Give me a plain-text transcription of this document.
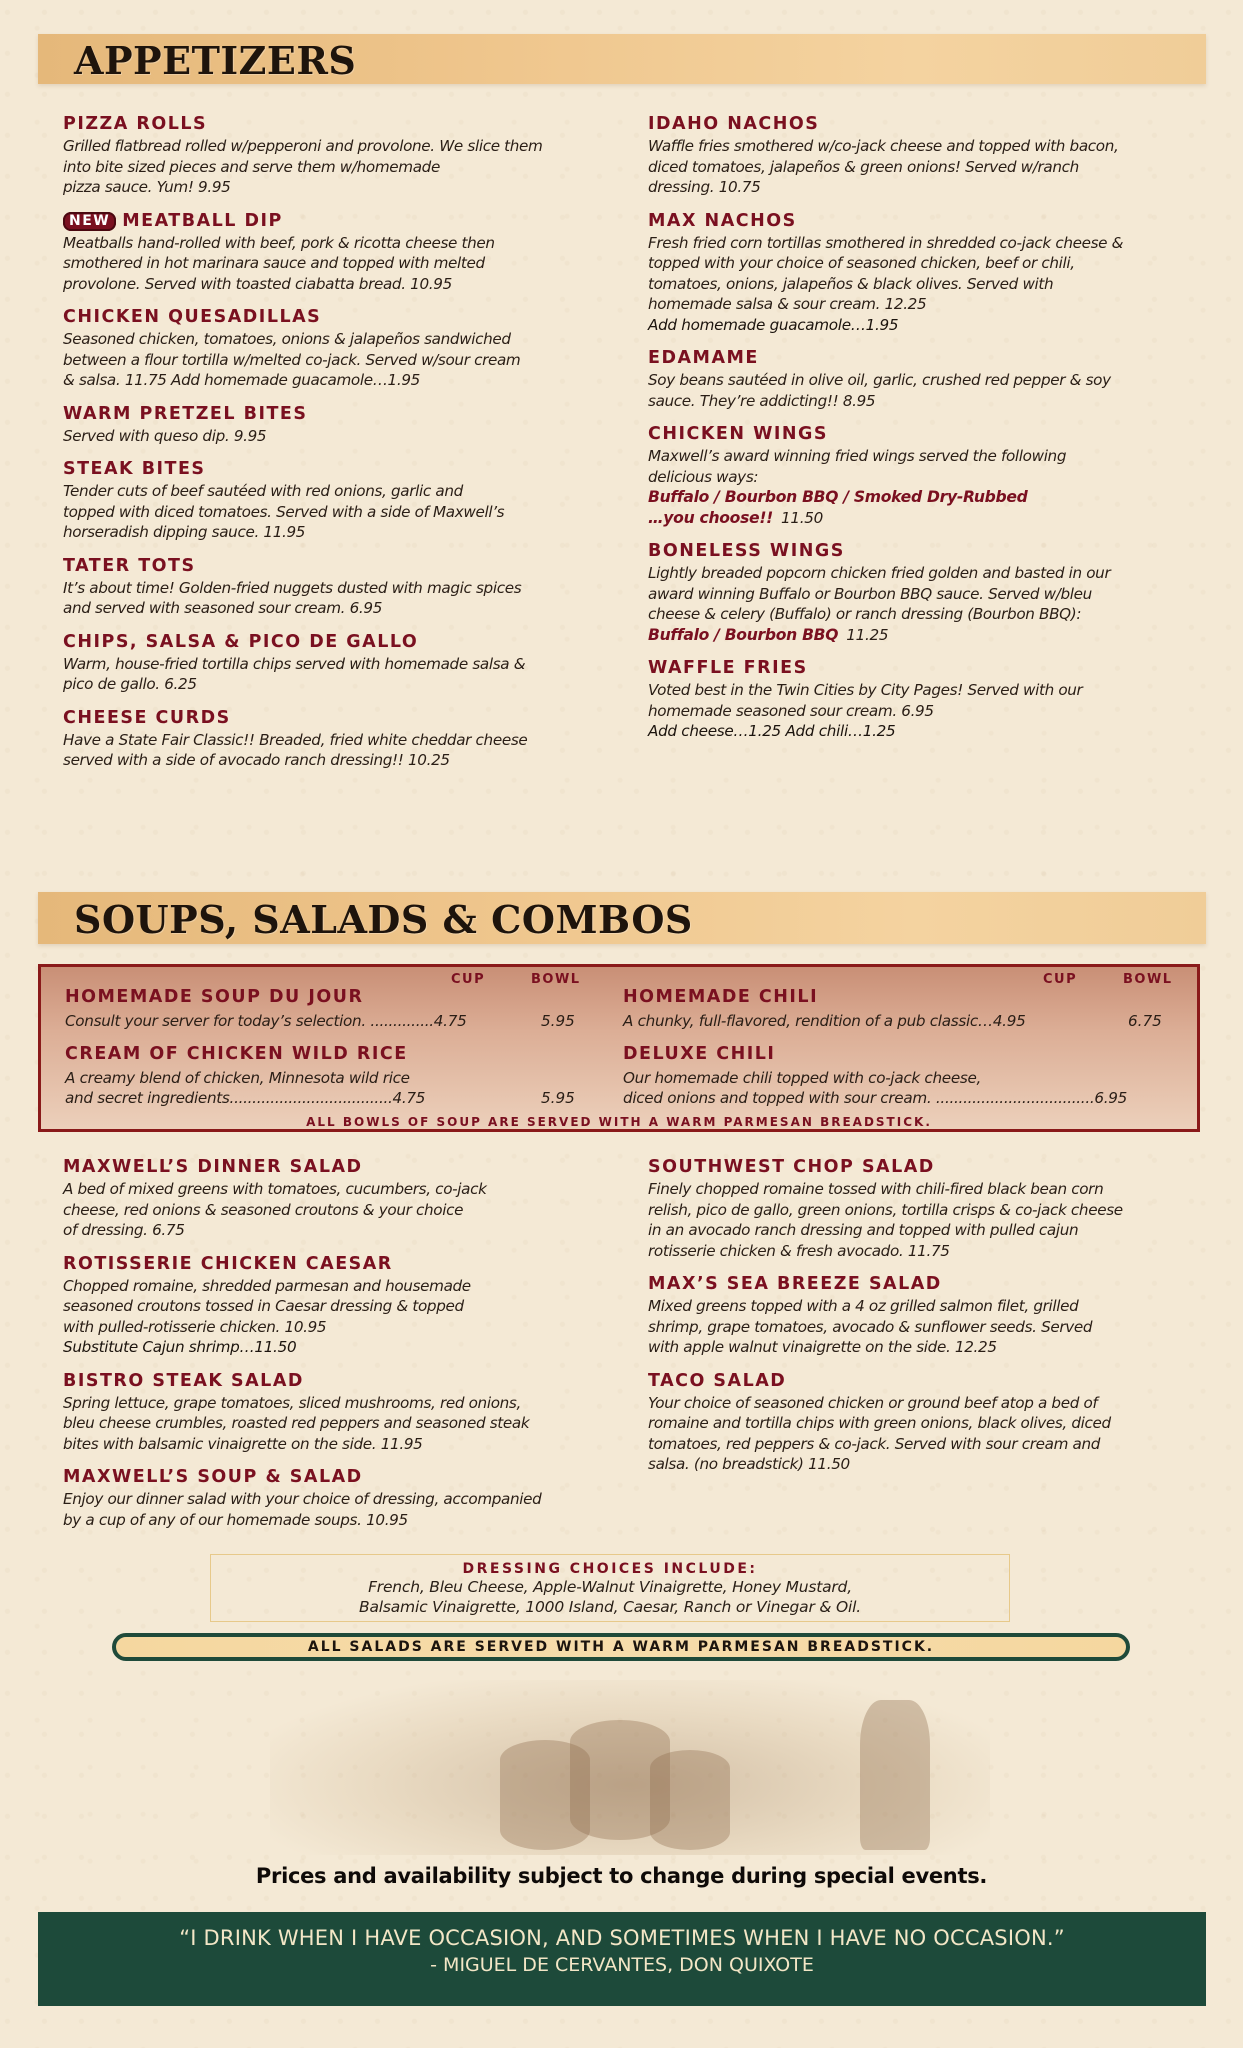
APPETIZERS
PIZZA ROLLS
Grilled flatbread rolled w/pepperoni and provolone. We slice them
into bite sized pieces and serve them w/homemade
pizza sauce. Yum! 9.95
NEW MEATBALL DIP
Meatballs hand-rolled with beef, pork & ricotta cheese then
smothered in hot marinara sauce and topped with melted
provolone. Served with toasted ciabatta bread. 10.95
CHICKEN QUESADILLAS
Seasoned chicken, tomatoes, onions & jalapeños sandwiched
between a flour tortilla w/melted co-jack. Served w/sour cream
& salsa. 11.75 Add homemade guacamole…1.95
WARM PRETZEL BITES
Served with queso dip. 9.95
STEAK BITES
Tender cuts of beef sautéed with red onions, garlic and
topped with diced tomatoes. Served with a side of Maxwell’s
horseradish dipping sauce. 11.95
TATER TOTS
It’s about time! Golden-fried nuggets dusted with magic spices
and served with seasoned sour cream. 6.95
CHIPS, SALSA & PICO DE GALLO
Warm, house-fried tortilla chips served with homemade salsa &
pico de gallo. 6.25
CHEESE CURDS
Have a State Fair Classic!! Breaded, fried white cheddar cheese
served with a side of avocado ranch dressing!! 10.25
IDAHO NACHOS
Waffle fries smothered w/co-jack cheese and topped with bacon,
diced tomatoes, jalapeños & green onions! Served w/ranch
dressing. 10.75
MAX NACHOS
Fresh fried corn tortillas smothered in shredded co-jack cheese &
topped with your choice of seasoned chicken, beef or chili,
tomatoes, onions, jalapeños & black olives. Served with
homemade salsa & sour cream. 12.25
Add homemade guacamole…1.95
EDAMAME
Soy beans sautéed in olive oil, garlic, crushed red pepper & soy
sauce. They’re addicting!! 8.95
CHICKEN WINGS
Maxwell’s award winning fried wings served the following
delicious ways:
Buffalo / Bourbon BBQ / Smoked Dry-Rubbed
…you choose!! 11.50
BONELESS WINGS
Lightly breaded popcorn chicken fried golden and basted in our
award winning Buffalo or Bourbon BBQ sauce. Served w/bleu
cheese & celery (Buffalo) or ranch dressing (Bourbon BBQ):
Buffalo / Bourbon BBQ 11.25
WAFFLE FRIES
Voted best in the Twin Cities by City Pages! Served with our
homemade seasoned sour cream. 6.95
Add cheese…1.25 Add chili…1.25
SOUPS, SALADS & COMBOS
CUP	BOWL
HOMEMADE SOUP DU JOUR
Consult your server for today’s selection. ..............4.75	5.95
CREAM OF CHICKEN WILD RICE
A creamy blend of chicken, Minnesota wild rice
and secret ingredients....................................4.75	5.95
CUP	BOWL
HOMEMADE CHILI
A chunky, full-flavored, rendition of a pub classic…4.95	6.75
DELUXE CHILI
Our homemade chili topped with co-jack cheese,
diced onions and topped with sour cream. ...................................6.95
ALL BOWLS OF SOUP ARE SERVED WITH A WARM PARMESAN BREADSTICK.
MAXWELL’S DINNER SALAD
A bed of mixed greens with tomatoes, cucumbers, co-jack
cheese, red onions & seasoned croutons & your choice
of dressing. 6.75
ROTISSERIE CHICKEN CAESAR
Chopped romaine, shredded parmesan and housemade
seasoned croutons tossed in Caesar dressing & topped
with pulled-rotisserie chicken. 10.95
Substitute Cajun shrimp…11.50
BISTRO STEAK SALAD
Spring lettuce, grape tomatoes, sliced mushrooms, red onions,
bleu cheese crumbles, roasted red peppers and seasoned steak
bites with balsamic vinaigrette on the side. 11.95
MAXWELL’S SOUP & SALAD
Enjoy our dinner salad with your choice of dressing, accompanied
by a cup of any of our homemade soups. 10.95
SOUTHWEST CHOP SALAD
Finely chopped romaine tossed with chili-fired black bean corn
relish, pico de gallo, green onions, tortilla crisps & co-jack cheese
in an avocado ranch dressing and topped with pulled cajun
rotisserie chicken & fresh avocado. 11.75
MAX’S SEA BREEZE SALAD
Mixed greens topped with a 4 oz grilled salmon filet, grilled
shrimp, grape tomatoes, avocado & sunflower seeds. Served
with apple walnut vinaigrette on the side. 12.25
TACO SALAD
Your choice of seasoned chicken or ground beef atop a bed of
romaine and tortilla chips with green onions, black olives, diced
tomatoes, red peppers & co-jack. Served with sour cream and
salsa. (no breadstick) 11.50
DRESSING CHOICES INCLUDE:
French, Bleu Cheese, Apple-Walnut Vinaigrette, Honey Mustard,
Balsamic Vinaigrette, 1000 Island, Caesar, Ranch or Vinegar & Oil.
ALL SALADS ARE SERVED WITH A WARM PARMESAN BREADSTICK.
Prices and availability subject to change during special events.
“I DRINK WHEN I HAVE OCCASION, AND SOMETIMES WHEN I HAVE NO OCCASION.”
- MIGUEL DE CERVANTES, DON QUIXOTE
